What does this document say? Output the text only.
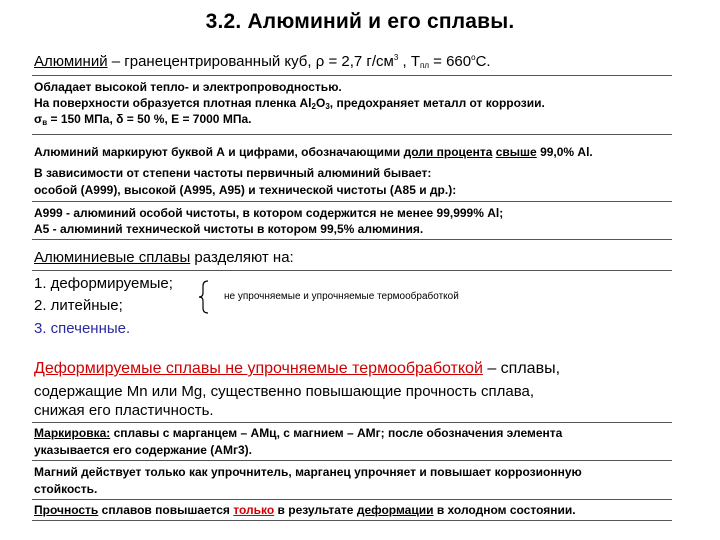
3.2. Алюминий и его сплавы.
Алюминий – гранецентрированный куб, ρ = 2,7 $г/см^3$ , $Т_{пл} = 660^оС$.
Обладает высокой тепло- и электропроводностью.
На поверхности образуется плотная пленка $Al_2O_3$, предохраняет металл от коррозии.
$\sigma_в = 150$ МПа, δ = 50 %, Е = 7000 МПа.
Алюминий маркируют буквой А и цифрами, обозначающими доли процента свыше 99,0% Al.
В зависимости от степени частоты первичный алюминий бывает:
особой (А999), высокой (А995, А95) и технической чистоты (А85 и др.):
А999 - алюминий особой чистоты, в котором содержится не менее 99,999% Al;
А5 - алюминий технической чистоты в котором 99,5% алюминия.
Алюминиевые сплавы разделяют на:
1. деформируемые;
2. литейные;
не упрочняемые и упрочняемые термообработкой
3. спеченные.
Деформируемые сплавы не упрочняемые термообработкой – сплавы,
содержащие Mn или Mg, существенно повышающие прочность сплава,
снижая его пластичность.
Маркировка: сплавы с марганцем – АМц, с магнием – АМг; после обозначения элемента
указывается его содержание (АМг3).
Магний действует только как упрочнитель, марганец упрочняет и повышает коррозионную
стойкость.
Прочность сплавов повышается только в результате деформации в холодном состоянии.
